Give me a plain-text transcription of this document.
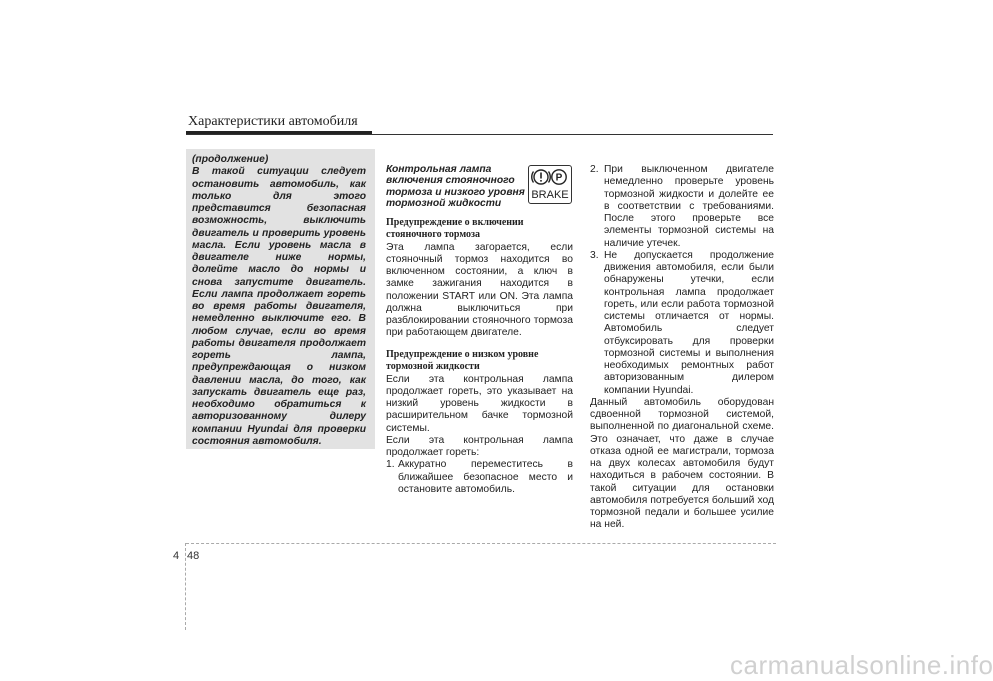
Характеристики автомобиля
(продолжение)
В такой ситуации следует остановить автомобиль, как только для этого представится безопасная возможность, выключить двигатель и проверить уровень масла. Если уровень масла в двигателе ниже нормы, долейте масло до нормы и снова запустите двигатель. Если лампа продолжает гореть во время работы двигателя, немедленно выключите его. В любом случае, если во время работы двигателя продолжает гореть лампа, предупреждающая о низком давлении масла, до того, как запускать двигатель еще раз, необходимо обратиться к авторизованному дилеру компании Hyundai для проверки состояния автомобиля.
Контрольная лампа включения стояночного тормоза и низкого уровня тормозной жидкости
Предупреждение о включении стояночного тормоза
Эта лампа загорается, если стояночный тормоз находится во включенном состоянии, а ключ в замке зажигания находится в положении START или ON. Эта лампа должна выключиться при разблокировании стояночного тормоза при работающем двигателе.
Предупреждение о низком уровне тормозной жидкости
Если эта контрольная лампа продолжает гореть, это указывает на низкий уровень жидкости в расширительном бачке тормозной системы.
Если эта контрольная лампа продолжает гореть:
1. Аккуратно переместитесь в ближайшее безопасное место и остановите автомобиль.
P
BRAKE
2. При выключенном двигателе немедленно проверьте уровень тормозной жидкости и долейте ее в соответствии с требованиями. После этого проверьте все элементы тормозной системы на наличие утечек.
3. Не допускается продолжение движения автомобиля, если были обнаружены утечки, если контрольная лампа продолжает гореть, или если работа тормозной системы отличается от нормы. Автомобиль следует отбуксировать для проверки тормозной системы и выполнения необходимых ремонтных работ авторизованным дилером компании Hyundai.
Данный автомобиль оборудован сдвоенной тормозной системой, выполненной по диагональной схеме. Это означает, что даже в случае отказа одной ее магистрали, тормоза на двух колесах автомобиля будут находиться в рабочем состоянии. В такой ситуации для остановки автомобиля потребуется больший ход тормозной педали и большее усилие на ней.
4 48
carmanualsonline.info
